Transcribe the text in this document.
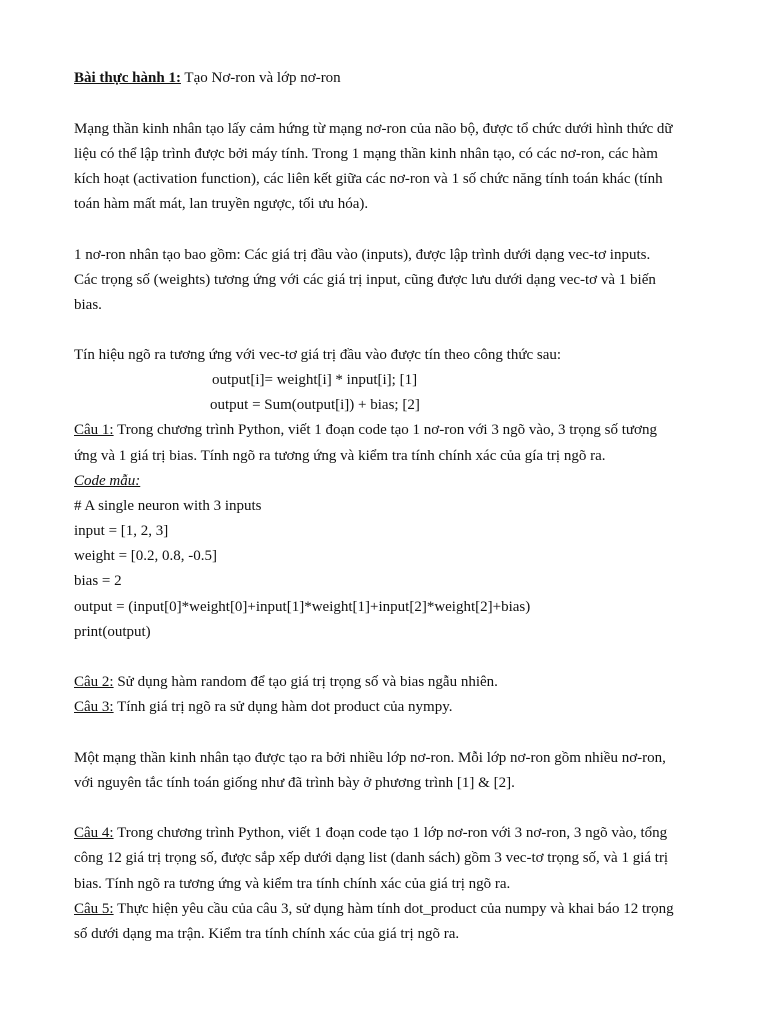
Bài thực hành 1: Tạo Nơ-ron và lớp nơ-ron
Mạng thần kinh nhân tạo lấy cảm hứng từ mạng nơ-ron của não bộ, được tổ chức dưới hình thức dữ
liệu có thể lập trình được bởi máy tính. Trong 1 mạng thần kinh nhân tạo, có các nơ-ron, các hàm
kích hoạt (activation function), các liên kết giữa các nơ-ron và 1 số chức năng tính toán khác (tính
toán hàm mất mát, lan truyền ngược, tối ưu hóa).
1 nơ-ron nhân tạo bao gồm: Các giá trị đầu vào (inputs), được lập trình dưới dạng vec-tơ inputs.
Các trọng số (weights) tương ứng với các giá trị input, cũng được lưu dưới dạng vec-tơ và 1 biến
bias.
Tín hiệu ngõ ra tương ứng với vec-tơ giá trị đầu vào được tín theo công thức sau:
output[i]= weight[i] * input[i]; [1]
output = Sum(output[i]) + bias; [2]
Câu 1: Trong chương trình Python, viết 1 đoạn code tạo 1 nơ-ron với 3 ngõ vào, 3 trọng số tương
ứng và 1 giá trị bias. Tính ngõ ra tương ứng và kiểm tra tính chính xác của gía trị ngõ ra.
Code mẫu:
# A single neuron with 3 inputs
input = [1, 2, 3]
weight = [0.2, 0.8, -0.5]
bias = 2
output = (input[0]*weight[0]+input[1]*weight[1]+input[2]*weight[2]+bias)
print(output)
Câu 2: Sử dụng hàm random để tạo giá trị trọng số và bias ngẫu nhiên.
Câu 3: Tính giá trị ngõ ra sử dụng hàm dot product của nympy.
Một mạng thần kinh nhân tạo được tạo ra bởi nhiều lớp nơ-ron. Mỗi lớp nơ-ron gồm nhiều nơ-ron,
với nguyên tắc tính toán giống như đã trình bày ở phương trình [1] & [2].
Câu 4: Trong chương trình Python, viết 1 đoạn code tạo 1 lớp nơ-ron với 3 nơ-ron, 3 ngõ vào, tổng
công 12 giá trị trọng số, được sắp xếp dưới dạng list (danh sách) gồm 3 vec-tơ trọng số, và 1 giá trị
bias. Tính ngõ ra tương ứng và kiểm tra tính chính xác của giá trị ngõ ra.
Câu 5: Thực hiện yêu cầu của câu 3, sử dụng hàm tính dot_product của numpy và khai báo 12 trọng
số dưới dạng ma trận. Kiểm tra tính chính xác của giá trị ngõ ra.
